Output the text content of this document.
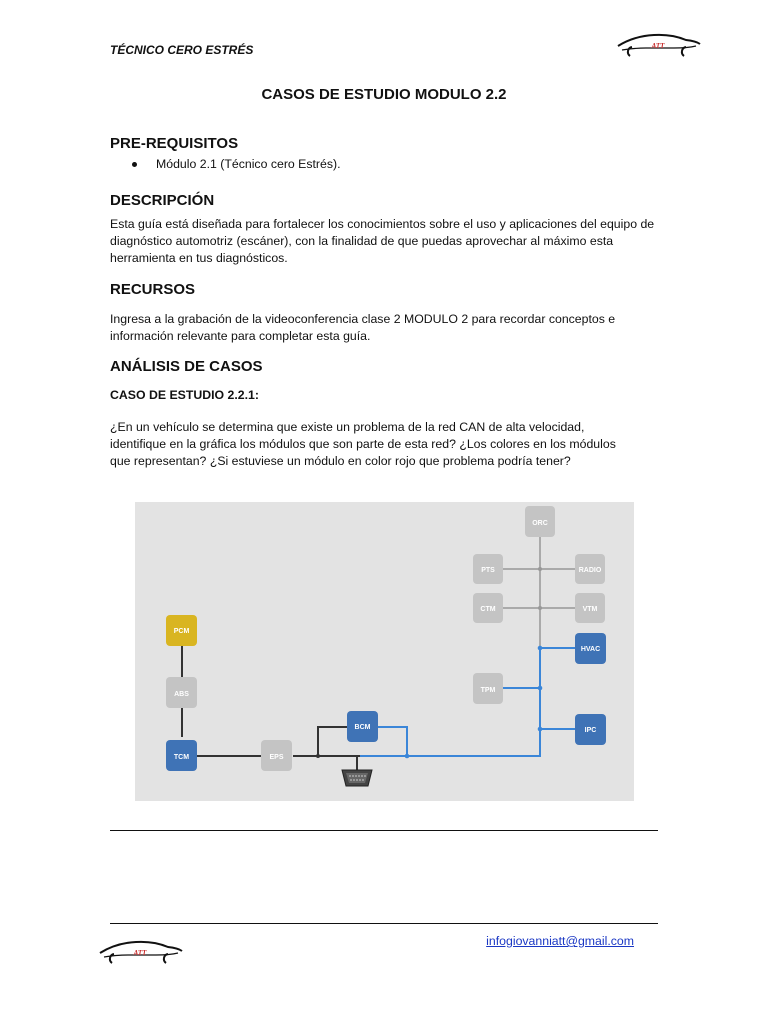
TÉCNICO CERO ESTRÉS	ATT
CASOS DE ESTUDIO MODULO 2.2
PRE-REQUISITOS
Módulo 2.1 (Técnico cero Estrés).
DESCRIPCIÓN
Esta guía está diseñada para fortalecer los conocimientos sobre el uso y aplicaciones del equipo de diagnóstico automotriz (escáner), con la finalidad de que puedas aprovechar al máximo esta herramienta en tus diagnósticos.
RECURSOS
Ingresa a la grabación de la videoconferencia clase 2 MODULO 2 para recordar conceptos e información relevante para completar esta guía.
ANÁLISIS DE CASOS
CASO DE ESTUDIO 2.2.1:
¿En un vehículo se determina que existe un problema de la red CAN de alta velocidad, identifique en la gráfica los módulos que son parte de esta red? ¿Los colores en los módulos que representan? ¿Si estuviese un módulo en color rojo que problema podría tener?
ORC
PTS	RADIO
CTM	VTM
HVAC
TPM
IPC
PCM
ABS
TCM	EPS
BCM
ATT
infogiovanniatt@gmail.com
